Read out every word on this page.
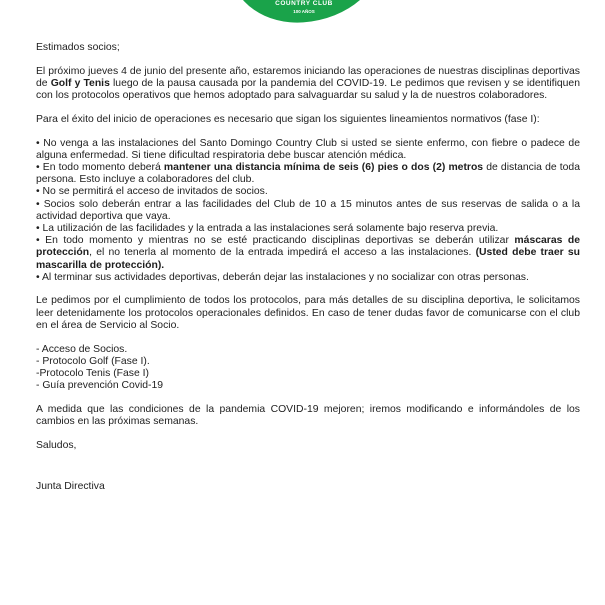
COUNTRY CLUB
100 AÑOS

Estimados socios;

El próximo jueves 4 de junio del presente año, estaremos iniciando las operaciones de nuestras disciplinas deportivas de Golf y Tenis luego de la pausa causada por la pandemia del COVID-19. Le pedimos que revisen y se identifiquen con los protocolos operativos que hemos adoptado para salvaguardar su salud y la de nuestros colaboradores.

Para el éxito del inicio de operaciones es necesario que sigan los siguientes lineamientos normativos (fase I):

• No venga a las instalaciones del Santo Domingo Country Club si usted se siente enfermo, con fiebre o padece de alguna enfermedad. Si tiene dificultad respiratoria debe buscar atención médica.
• En todo momento deberá mantener una distancia mínima de seis (6) pies o dos (2) metros de distancia de toda persona. Esto incluye a colaboradores del club.
• No se permitirá el acceso de invitados de socios.
• Socios solo deberán entrar a las facilidades del Club de 10 a 15 minutos antes de sus reservas de salida o a la actividad deportiva que vaya.
• La utilización de las facilidades y la entrada a las instalaciones será solamente bajo reserva previa.
• En todo momento y mientras no se esté practicando disciplinas deportivas se deberán utilizar máscaras de protección, el no tenerla al momento de la entrada impedirá el acceso a las instalaciones. (Usted debe traer su mascarilla de protección).
• Al terminar sus actividades deportivas, deberán dejar las instalaciones y no socializar con otras personas.

Le pedimos por el cumplimiento de todos los protocolos, para más detalles de su disciplina deportiva, le solicitamos leer detenidamente los protocolos operacionales definidos. En caso de tener dudas favor de comunicarse con el club en el área de Servicio al Socio.

- Acceso de Socios.
- Protocolo Golf (Fase I).
-Protocolo Tenis (Fase I)
- Guía prevención Covid-19

A medida que las condiciones de la pandemia COVID-19 mejoren; iremos modificando e informándoles de los cambios en las próximas semanas.

Saludos,

Junta Directiva
